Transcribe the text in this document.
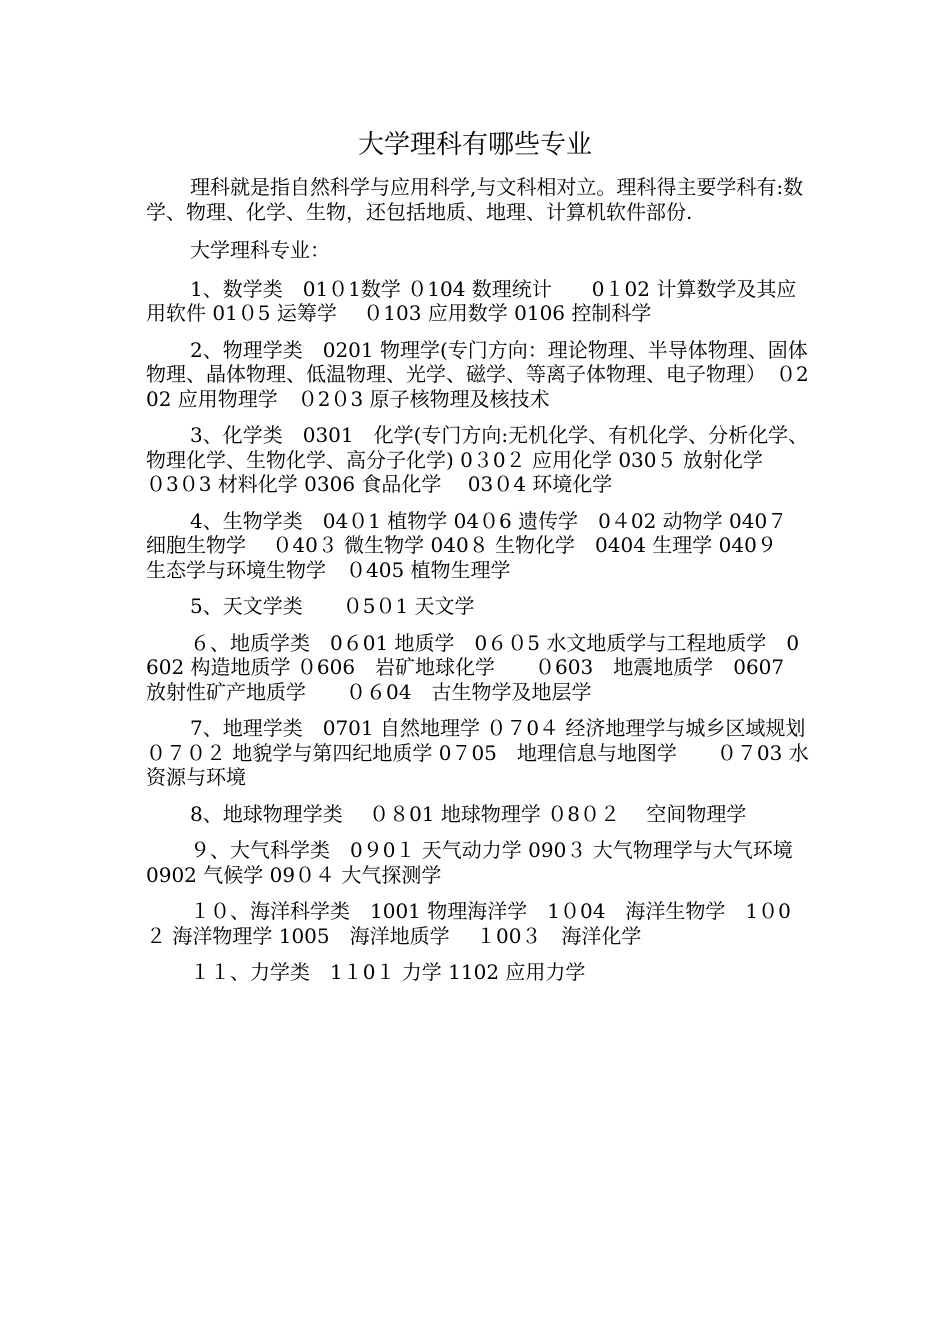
大学理科有哪些专业

理科就是指自然科学与应用科学,与文科相对立。理科得主要学科有:数学、物理、化学、生物，还包括地质、地理、计算机软件部份.

大学理科专业：

1、数学类　01０1数学 ０104 数理统计　　0１02 计算数学及其应用软件 01０5 运筹学　 ０103 应用数学 0106 控制科学

2、物理学类　0201 物理学(专门方向：理论物理、半导体物理、固体物理、晶体物理、低温物理、光学、磁学、等离子体物理、电子物理）　０202 应用物理学　０2０3 原子核物理及核技术

3、化学类　0301　化学(专门方向:无机化学、有机化学、分析化学、物理化学、生物化学、高分子化学) 0３0２ 应用化学 030５ 放射化学　　０3０3 材料化学 0306 食品化学　 03０4 环境化学

4、生物学类　04０1 植物学 04０6 遗传学　0４02 动物学 040７ 细胞生物学　 ０40３ 微生物学 040８ 生物化学　0404 生理学 040９　生态学与环境生物学　０405 植物生理学

5、天文学类　　０5０1 天文学

６、地质学类　0６01 地质学　0６０5 水文地质学与工程地质学　0602 构造地质学 ０606　岩矿地球化学　　０603　地震地质学　0607 放射性矿产地质学　　０６04　古生物学及地层学

7、地理学类　0701 自然地理学 ０７0４ 经济地理学与城乡区域规划　　０７０２ 地貌学与第四纪地质学 0７05　地理信息与地图学　　０７03 水资源与环境

8、地球物理学类　 ０８01 地球物理学 ０8０２　 空间物理学

９、大气科学类　0９0１ 天气动力学 090３ 大气物理学与大气环境　0902 气候学 09０４ 大气探测学

１０、海洋科学类　1001 物理海洋学　1０04　海洋生物学　1０0２ 海洋物理学 1005　海洋地质学　 １00３　海洋化学

１１、力学类　1１0１ 力学 1102 应用力学
